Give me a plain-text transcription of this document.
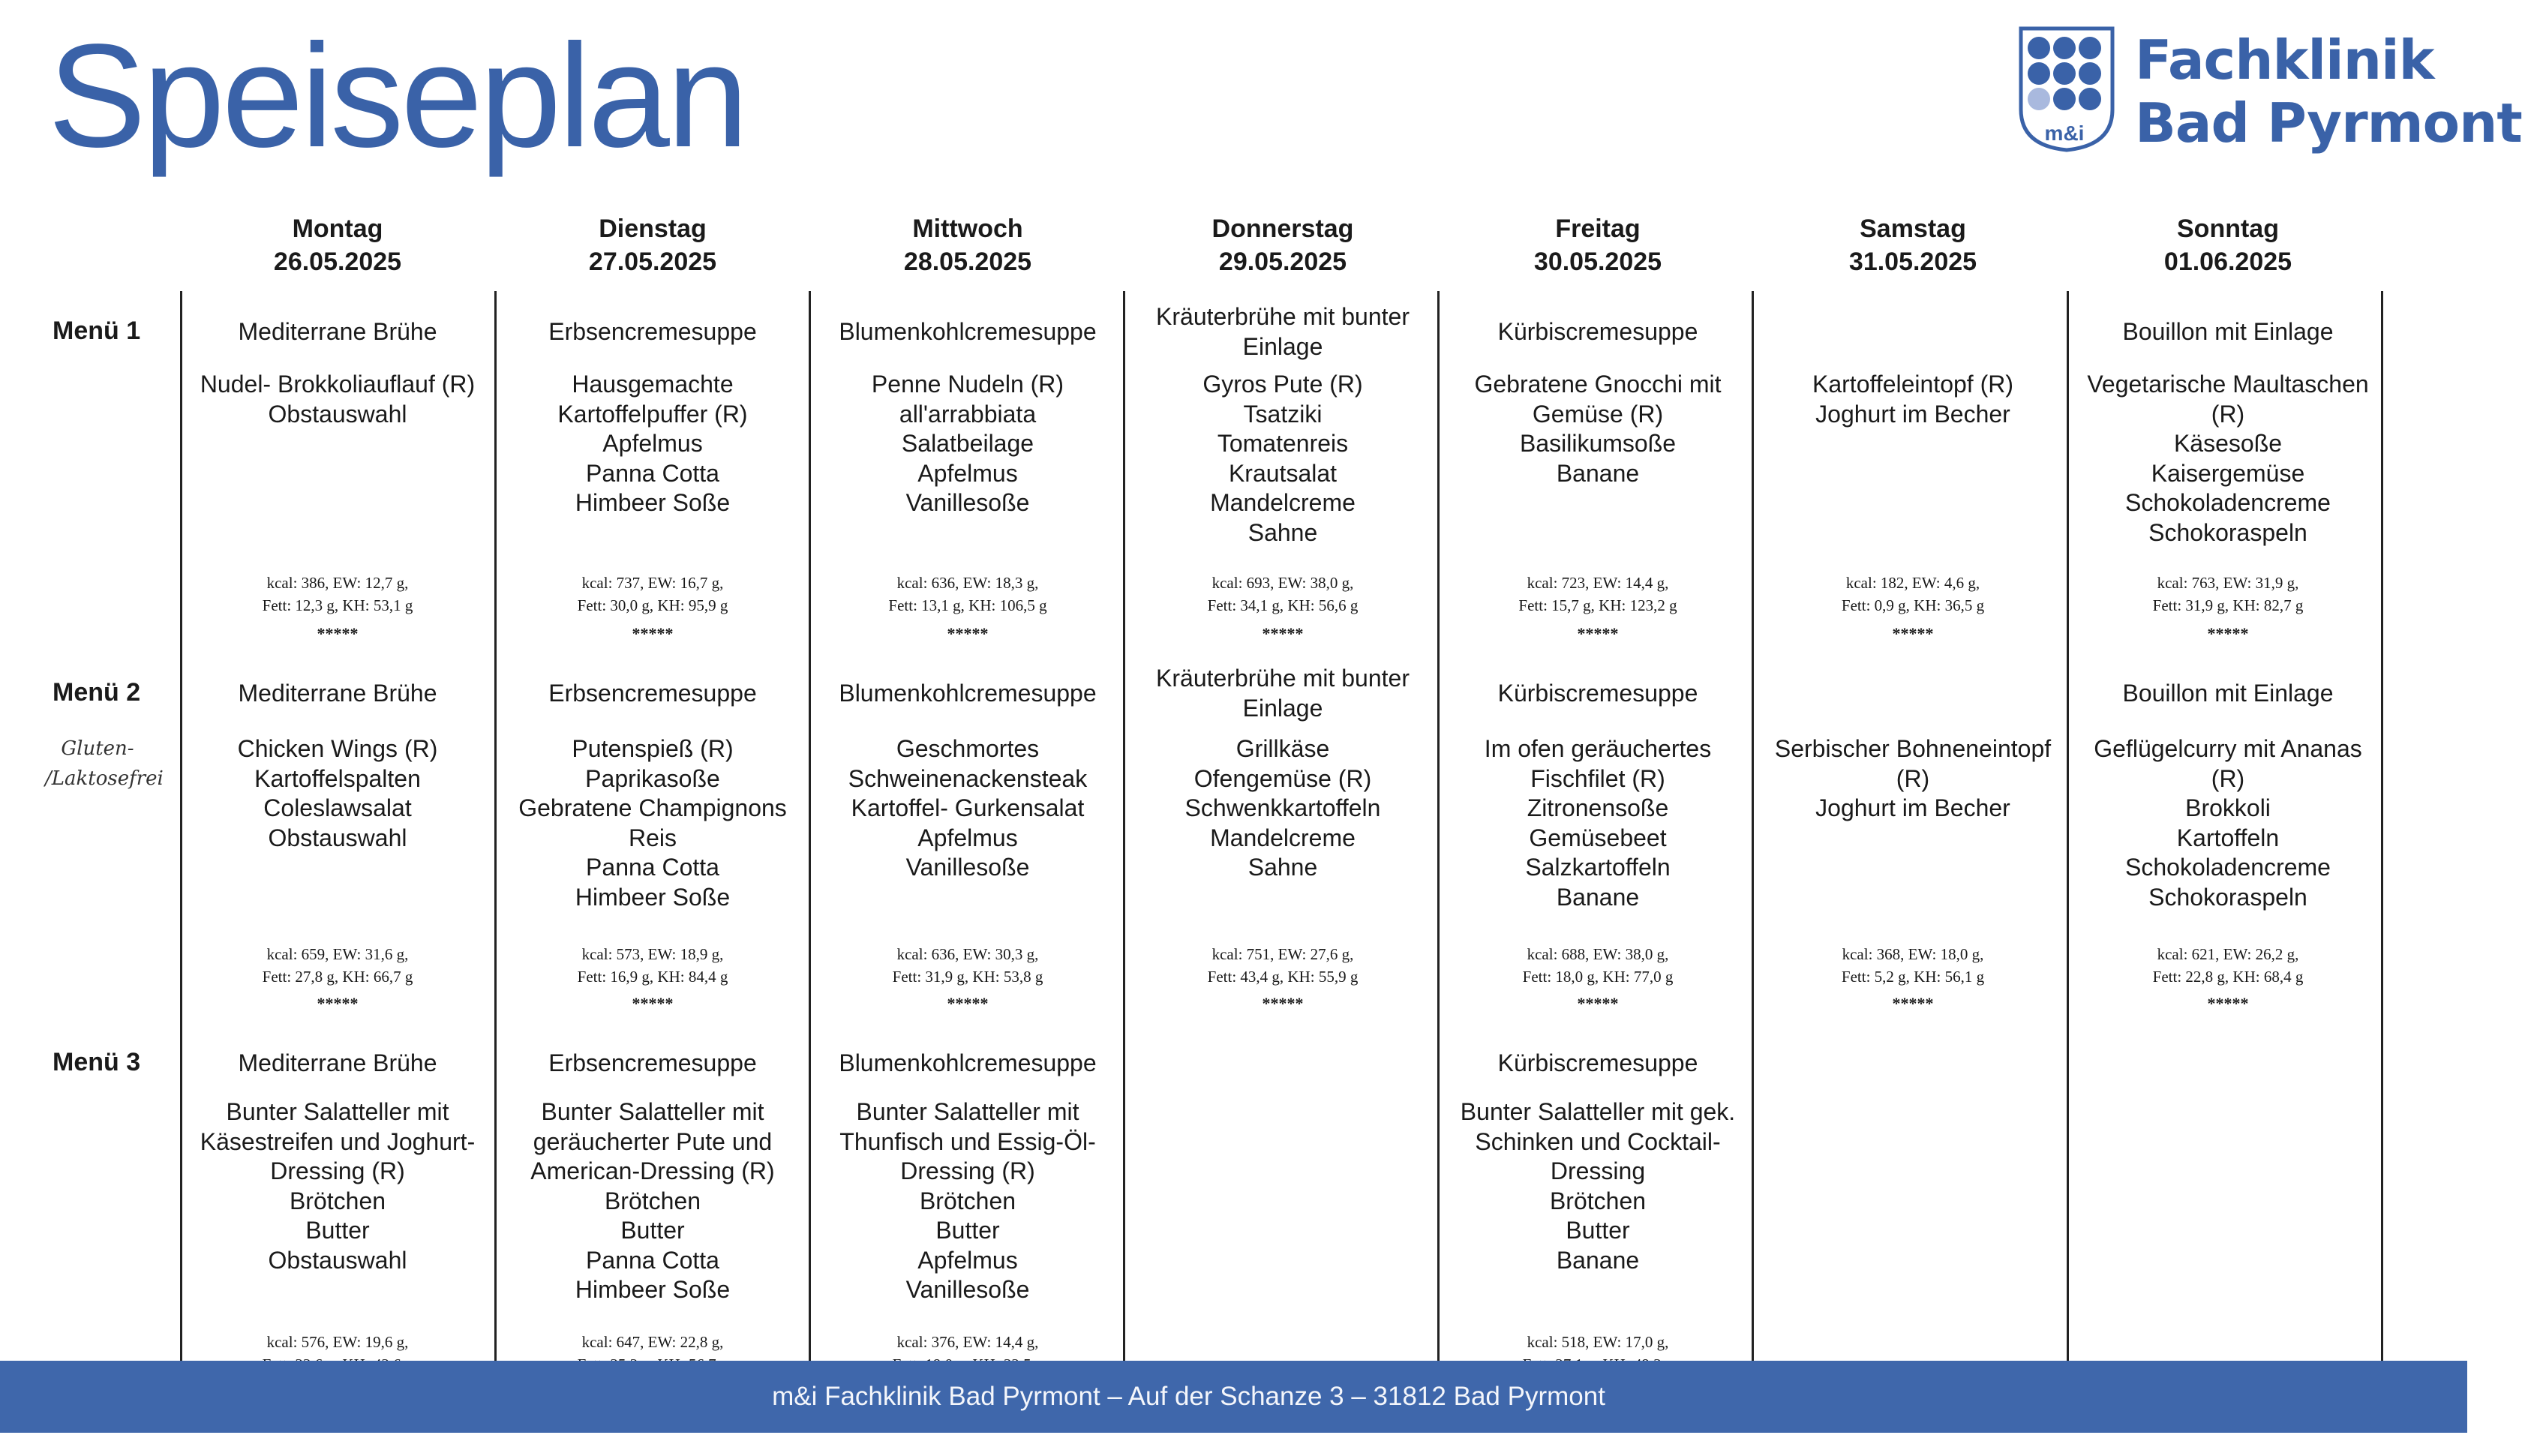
Speiseplan	m&i
Fachklinik
Bad Pyrmont
Menü 1
Menü 2
Menü 3
Gluten-
/Laktosefrei
Montag
26.05.2025
Mediterrane Brühe
Nudel- Brokkoliauflauf (R)
Obstauswahl
kcal: 386, EW: 12,7 g,
Fett: 12,3 g, KH: 53,1 g
*****
Mediterrane Brühe
Chicken Wings (R)
Kartoffelspalten
Coleslawsalat
Obstauswahl
kcal: 659, EW: 31,6 g,
Fett: 27,8 g, KH: 66,7 g
*****
Mediterrane Brühe
Bunter Salatteller mit
Käsestreifen und Joghurt-
Dressing (R)
Brötchen
Butter
Obstauswahl
kcal: 576, EW: 19,6 g,
Dienstag
27.05.2025
Erbsencremesuppe
Hausgemachte
Kartoffelpuffer (R)
Apfelmus
Panna Cotta
Himbeer Soße
kcal: 737, EW: 16,7 g,
Fett: 30,0 g, KH: 95,9 g
*****
Erbsencremesuppe
Putenspieß (R)
Paprikasoße
Gebratene Champignons
Reis
Panna Cotta
Himbeer Soße
kcal: 573, EW: 18,9 g,
Fett: 16,9 g, KH: 84,4 g
*****
Erbsencremesuppe
Bunter Salatteller mit
geräucherter Pute und
American-Dressing (R)
Brötchen
Butter
Panna Cotta
Himbeer Soße
kcal: 647, EW: 22,8 g,
Mittwoch
28.05.2025
Blumenkohlcremesuppe
Penne Nudeln (R)
all'arrabbiata
Salatbeilage
Apfelmus
Vanillesoße
kcal: 636, EW: 18,3 g,
Fett: 13,1 g, KH: 106,5 g
*****
Blumenkohlcremesuppe
Geschmortes
Schweinenackensteak
Kartoffel- Gurkensalat
Apfelmus
Vanillesoße
kcal: 636, EW: 30,3 g,
Fett: 31,9 g, KH: 53,8 g
*****
Blumenkohlcremesuppe
Bunter Salatteller mit
Thunfisch und Essig-Öl-
Dressing (R)
Brötchen
Butter
Apfelmus
Vanillesoße
kcal: 376, EW: 14,4 g,
Donnerstag
29.05.2025
Kräuterbrühe mit bunter
Einlage
Gyros Pute (R)
Tsatziki
Tomatenreis
Krautsalat
Mandelcreme
Sahne
kcal: 693, EW: 38,0 g,
Fett: 34,1 g, KH: 56,6 g
*****
Kräuterbrühe mit bunter
Einlage
Grillkäse
Ofengemüse (R)
Schwenkkartoffeln
Mandelcreme
Sahne
kcal: 751, EW: 27,6 g,
Fett: 43,4 g, KH: 55,9 g
*****
Freitag
30.05.2025
Kürbiscremesuppe
Gebratene Gnocchi mit
Gemüse (R)
Basilikumsoße
Banane
kcal: 723, EW: 14,4 g,
Fett: 15,7 g, KH: 123,2 g
*****
Kürbiscremesuppe
Im ofen geräuchertes
Fischfilet (R)
Zitronensoße
Gemüsebeet
Salzkartoffeln
Banane
kcal: 688, EW: 38,0 g,
Fett: 18,0 g, KH: 77,0 g
*****
Kürbiscremesuppe
Bunter Salatteller mit gek.
Schinken und Cocktail-
Dressing
Brötchen
Butter
Banane
kcal: 518, EW: 17,0 g,
Samstag
31.05.2025
Kartoffeleintopf (R)
Joghurt im Becher
kcal: 182, EW: 4,6 g,
Fett: 0,9 g, KH: 36,5 g
*****
Serbischer Bohneneintopf
(R)
Joghurt im Becher
kcal: 368, EW: 18,0 g,
Fett: 5,2 g, KH: 56,1 g
*****
Sonntag
01.06.2025
Bouillon mit Einlage
Vegetarische Maultaschen
(R)
Käsesoße
Kaisergemüse
Schokoladencreme
Schokoraspeln
kcal: 763, EW: 31,9 g,
Fett: 31,9 g, KH: 82,7 g
*****
Bouillon mit Einlage
Geflügelcurry mit Ananas
(R)
Brokkoli
Kartoffeln
Schokoladencreme
Schokoraspeln
kcal: 621, EW: 26,2 g,
Fett: 22,8 g, KH: 68,4 g
*****
m&i Fachklinik Bad Pyrmont – Auf der Schanze 3 – 31812 Bad Pyrmont
